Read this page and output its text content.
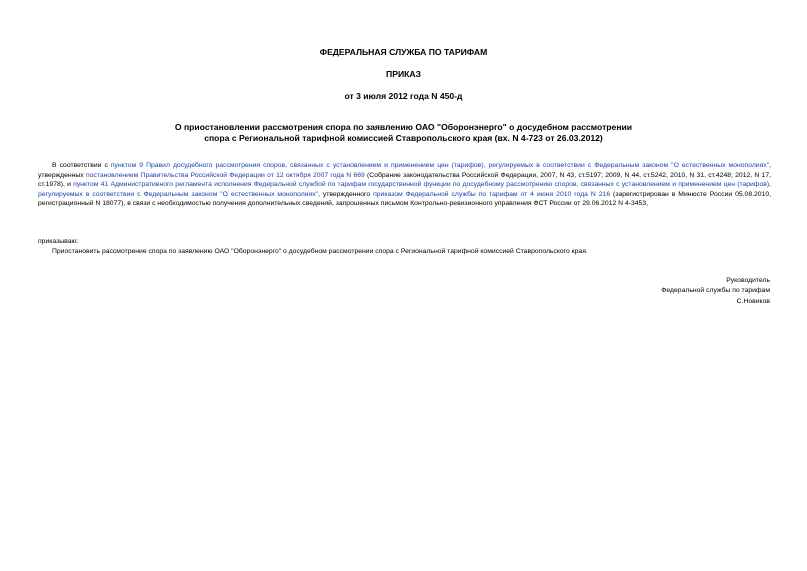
ФЕДЕРАЛЬНАЯ СЛУЖБА ПО ТАРИФАМ
ПРИКАЗ
от 3 июля 2012 года N 450-д
О приостановлении рассмотрения спора по заявлению ОАО "Оборонэнерго" о досудебном рассмотрении
спора с Региональной тарифной комиссией Ставропольского края (вх. N 4-723 от 26.03.2012)
В соответствии с пунктом 9 Правил досудебного рассмотрения споров, связанных с установлением и применением цен (тарифов), регулируемых в соответствии с Федеральным законом "О естественных монополиях", утвержденных постановлением Правительства Российской Федерации от 12 октября 2007 года N 669 (Собрание законодательства Российской Федерации, 2007, N 43, ст.5197; 2009, N 44, ст.5242, 2010, N 31, ст.4248; 2012, N 17, ст.1978), и пунктом 41 Административного регламента исполнения Федеральной службой по тарифам государственной функции по досудебному рассмотрению споров, связанных с установлением и применением цен (тарифов), регулируемых в соответствии с Федеральным законом "О естественных монополиях", утвержденного приказом Федеральной службы по тарифам от 4 июня 2010 года N 216 (зарегистрирован в Минюсте России 05.08.2010, регистрационный N 18077), в связи с необходимостью получения дополнительных сведений, запрошенных письмом Контрольно-ревизионного управления ФСТ России от 29.06.2012 N 4-3453,
приказываю:
Приостановить рассмотрение спора по заявлению ОАО "Оборонэнерго" о досудебном рассмотрении спора с Региональной тарифной комиссией Ставропольского края.
Руководитель
Федеральной службы по тарифам
С.Новиков
